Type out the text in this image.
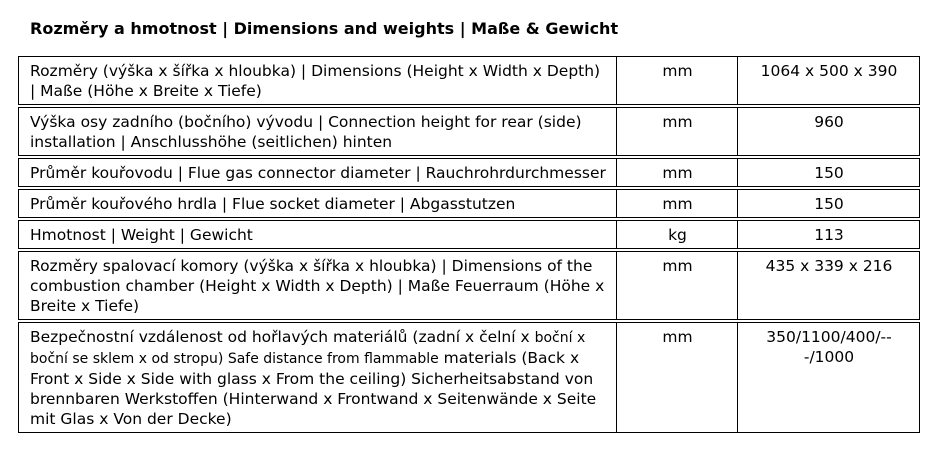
Rozměry a hmotnost | Dimensions and weights | Maße & Gewicht
Rozměry (výška x šířka x hloubka) | Dimensions (Height x Width x Depth) | Maße (Höhe x Breite x Tiefe)	mm	1064 x 500 x 390
Výška osy zadního (bočního) vývodu | Connection height for rear (side) installation | Anschlusshöhe (seitlichen) hinten	mm	960
Průměr kouřovodu | Flue gas connector diameter | Rauchrohrdurchmesser	mm	150
Průměr kouřového hrdla | Flue socket diameter | Abgasstutzen	mm	150
Hmotnost | Weight | Gewicht	kg	113
Rozměry spalovací komory (výška x šířka x hloubka) | Dimensions of the combustion chamber (Height x Width x Depth) | Maße Feuerraum (Höhe x Breite x Tiefe)	mm	435 x 339 x 216
Bezpečnostní vzdálenost od hořlavých materiálů (zadní x čelní x boční x boční se sklem x od stropu) Safe distance from flammable materials (Back x Front x Side x Side with glass x From the ceiling) Sicherheitsabstand von brennbaren Werkstoffen (Hinterwand x Frontwand x Seitenwände x Seite mit Glas x Von der Decke)	mm	350/1100/400/---/1000
